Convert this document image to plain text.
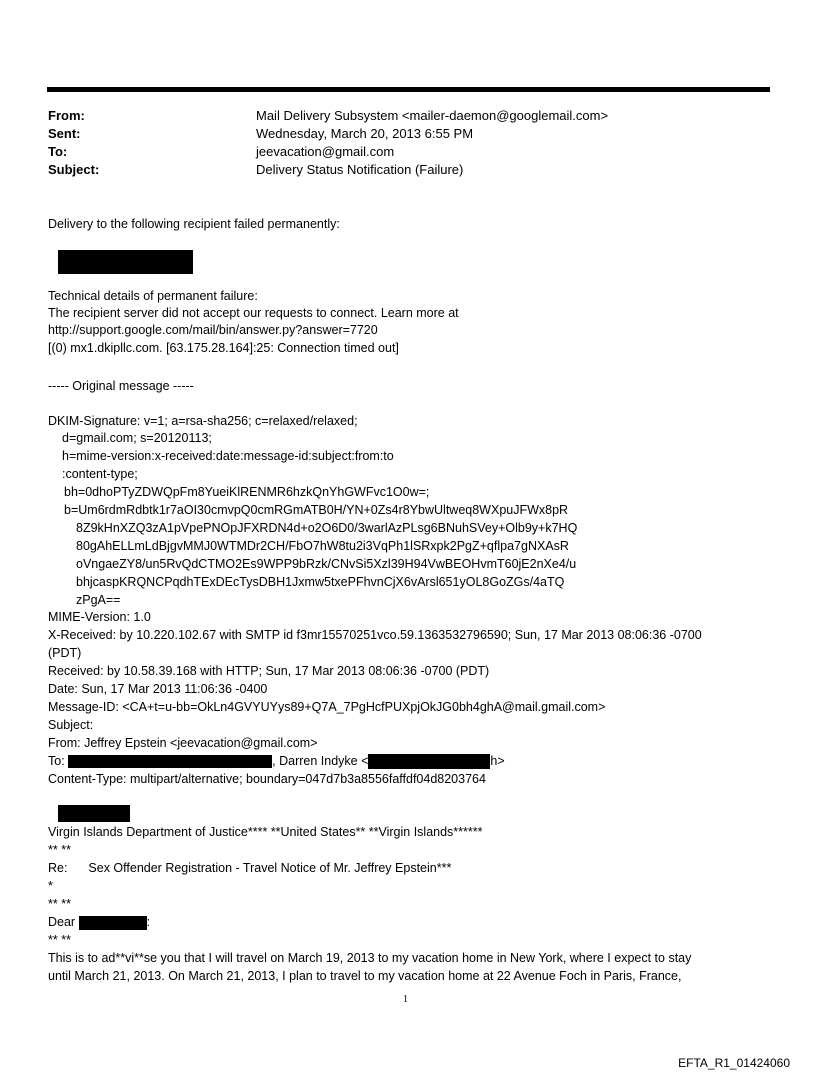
From:	Mail Delivery Subsystem <mailer-daemon@googlemail.com>
Sent:	Wednesday, March 20, 2013 6:55 PM
To:	jeevacation@gmail.com
Subject:	Delivery Status Notification (Failure)
Delivery to the following recipient failed permanently:
Technical details of permanent failure:
The recipient server did not accept our requests to connect. Learn more at
http://support.google.com/mail/bin/answer.py?answer=7720
[(0) mx1.dkipllc.com. [63.175.28.164]:25: Connection timed out]
----- Original message -----
DKIM-Signature: v=1; a=rsa-sha256; c=relaxed/relaxed;
d=gmail.com; s=20120113;
h=mime-version:x-received:date:message-id:subject:from:to
:content-type;
bh=0dhoPTyZDWQpFm8YueiKlRENMR6hzkQnYhGWFvc1O0w=;
b=Um6rdmRdbtk1r7aOI30cmvpQ0cmRGmATB0H/YN+0Zs4r8YbwUltweq8WXpuJFWx8pR
8Z9kHnXZQ3zA1pVpePNOpJFXRDN4d+o2O6D0/3warlAzPLsg6BNuhSVey+Olb9y+k7HQ
80gAhELLmLdBjgvMMJ0WTMDr2CH/FbO7hW8tu2i3VqPh1lSRxpk2PgZ+qflpa7gNXAsR
oVngaeZY8/un5RvQdCTMO2Es9WPP9bRzk/CNvSi5Xzl39H94VwBEOHvmT60jE2nXe4/u
bhjcaspKRQNCPqdhTExDEcTysDBH1Jxmw5txePFhvnCjX6vArsl651yOL8GoZGs/4aTQ
zPgA==
MIME-Version: 1.0
X-Received: by 10.220.102.67 with SMTP id f3mr15570251vco.59.1363532796590; Sun, 17 Mar 2013 08:06:36 -0700
(PDT)
Received: by 10.58.39.168 with HTTP; Sun, 17 Mar 2013 08:06:36 -0700 (PDT)
Date: Sun, 17 Mar 2013 11:06:36 -0400
Message-ID: <CA+t=u-bb=OkLn4GVYUYys89+Q7A_7PgHcfPUXpjOkJG0bh4ghA@mail.gmail.com>
Subject:
From: Jeffrey Epstein <jeevacation@gmail.com>
To:	, Darren Indyke <	h>
Content-Type: multipart/alternative; boundary=047d7b3a8556faffdf04d8203764
Virgin Islands Department of Justice**** **United States** **Virgin Islands******
** **
Re: Sex Offender Registration - Travel Notice of Mr. Jeffrey Epstein***
*
** **
Dear	:
** **
This is to ad**vi**se you that I will travel on March 19, 2013 to my vacation home in New York, where I expect to stay
until March 21, 2013. On March 21, 2013, I plan to travel to my vacation home at 22 Avenue Foch in Paris, France,
1
EFTA_R1_01424060
